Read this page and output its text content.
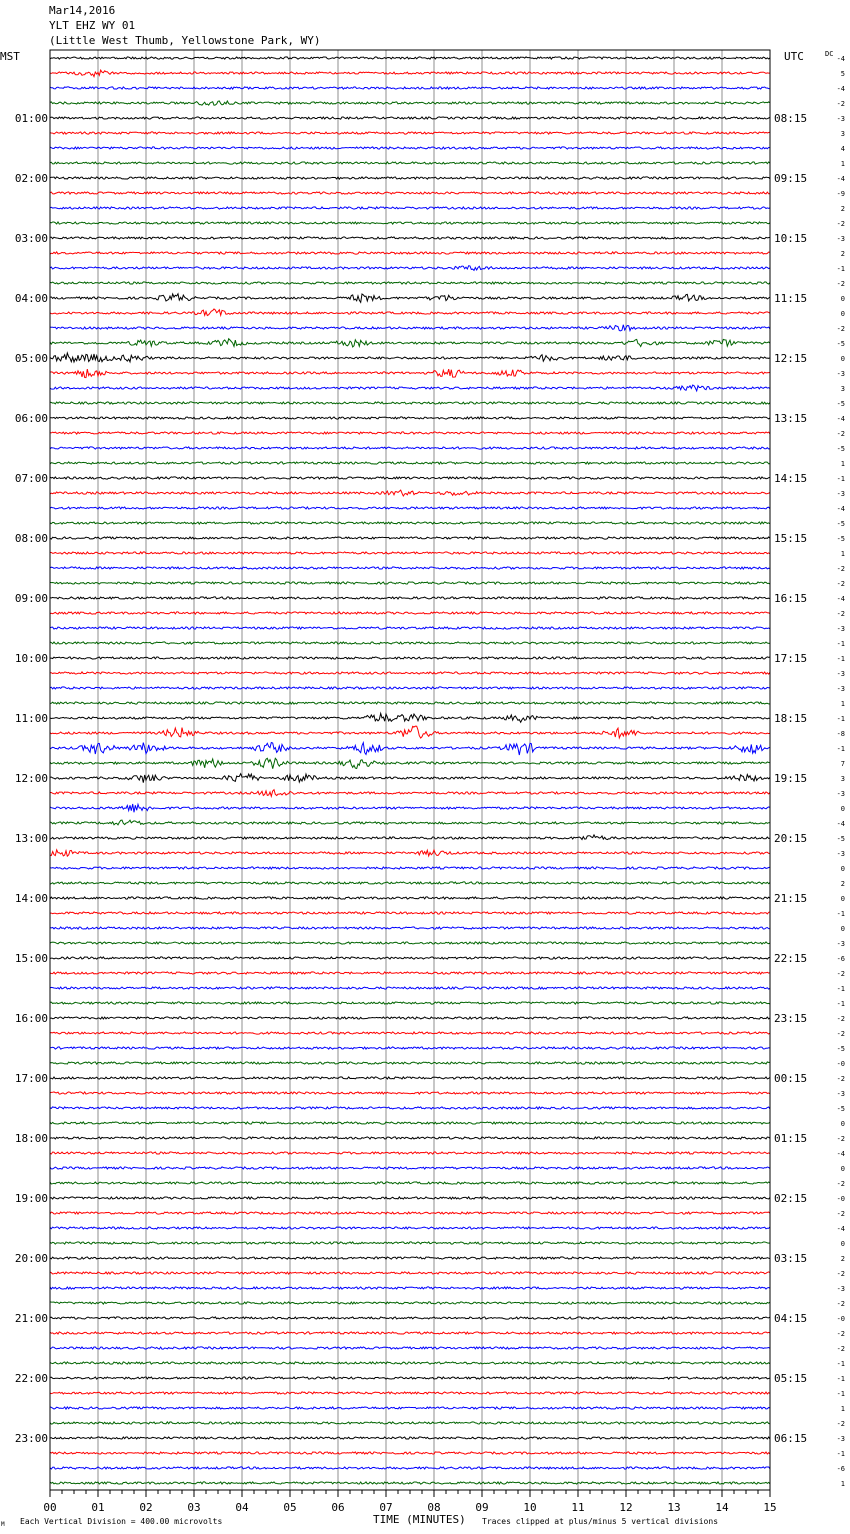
Mar14,2016
YLT EHZ WY 01
(Little West Thumb, Yellowstone Park, WY)
00	01	02	03	04	05	06	07	08	09	10	11	12	13	14	15
01:00
02:00
03:00
04:00
05:00
06:00
07:00
08:00
09:00
10:00
11:00
12:00
13:00
14:00
15:00
16:00
17:00
18:00
19:00
20:00
21:00
22:00
23:00
08:15
09:15
10:15
11:15
12:15
13:15
14:15
15:15
16:15
17:15
18:15
19:15
20:15
21:15
22:15
23:15
00:15
01:15
02:15
03:15
04:15
05:15
06:15
-4
5
-4
-2
-3
3
4
1
-4
-9
2
-2
-3
2
-1
-2
0
0
-2
-5
0
-3
3
-5
-4
-2
-5
1
-1
-3
-4
-5
-5
1
-2
-2
-4
-2
-3
-1
-1
-3
-3
1
-1
-8
-1
7
3
-3
0
-4
-5
-3
0
2
0
-1
0
-3
-6
-2
-1
-1
-2
-2
-5
-0
-2
-3
-5
0
-2
-4
0
-2
-0
-2
-4
0
2
-2
-3
-2
-0
-2
-2
-1
-1
-1
1
-2
-3
-1
-6
1
MST	UTC	DC
TIME (MINUTES)
Each Vertical Division = 400.00 microvolts	Traces clipped at plus/minus 5 vertical divisions
M
